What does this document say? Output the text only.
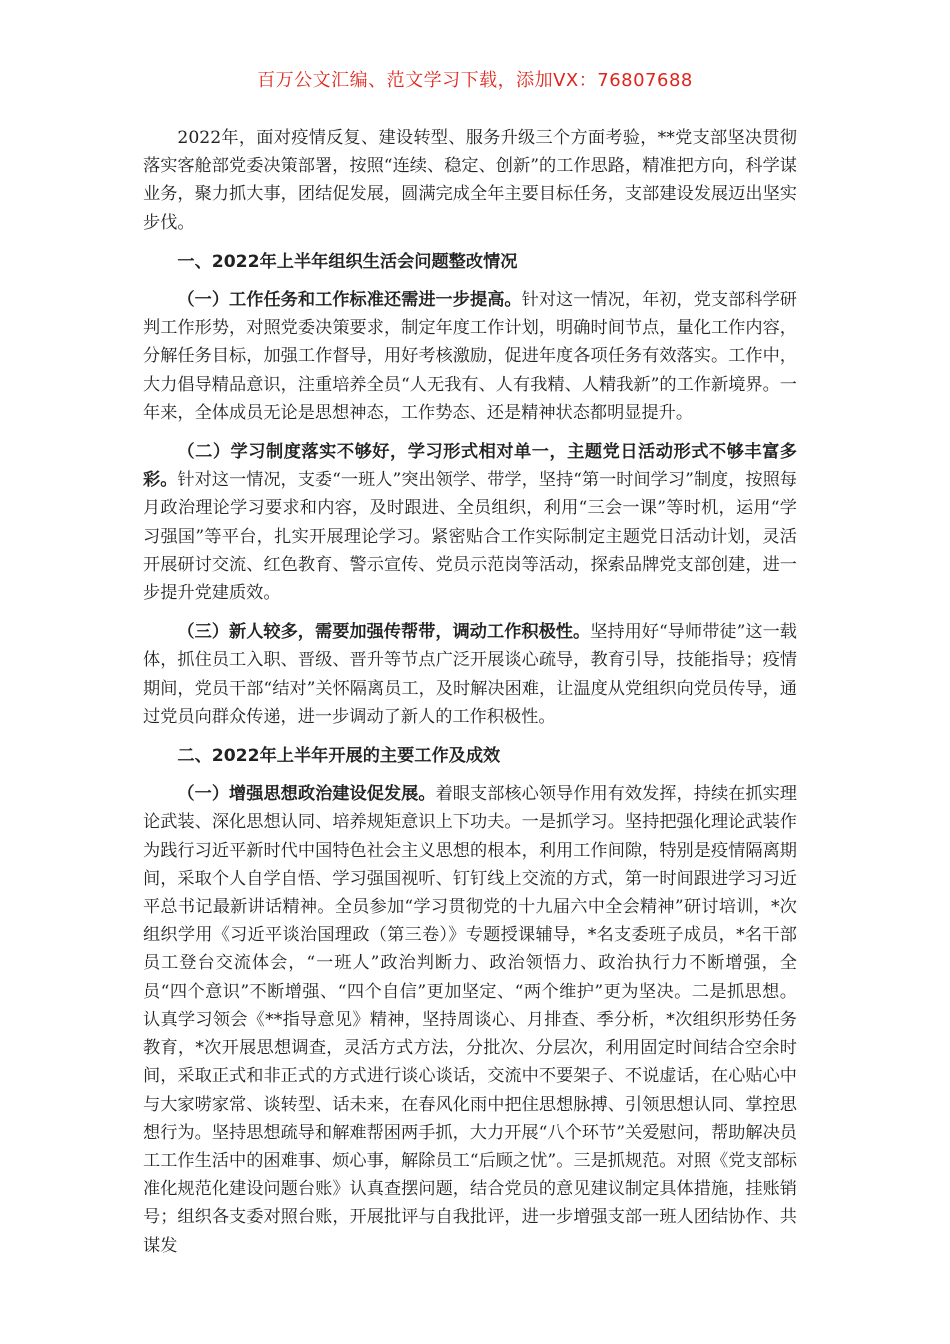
百万公文汇编、范文学习下载，添加VX：76807688

2022年，面对疫情反复、建设转型、服务升级三个方面考验，**党支部坚决贯彻落实客舱部党委决策部署，按照“连续、稳定、创新”的工作思路，精准把方向，科学谋业务，聚力抓大事，团结促发展，圆满完成全年主要目标任务，支部建设发展迈出坚实步伐。

一、2022年上半年组织生活会问题整改情况

（一）工作任务和工作标准还需进一步提高。针对这一情况，年初，党支部科学研判工作形势，对照党委决策要求，制定年度工作计划，明确时间节点，量化工作内容，分解任务目标，加强工作督导，用好考核激励，促进年度各项任务有效落实。工作中，大力倡导精品意识，注重培养全员“人无我有、人有我精、人精我新”的工作新境界。一年来，全体成员无论是思想神态，工作势态、还是精神状态都明显提升。

（二）学习制度落实不够好，学习形式相对单一，主题党日活动形式不够丰富多彩。针对这一情况，支委“一班人”突出领学、带学，坚持“第一时间学习”制度，按照每月政治理论学习要求和内容，及时跟进、全员组织，利用“三会一课”等时机，运用“学习强国”等平台，扎实开展理论学习。紧密贴合工作实际制定主题党日活动计划，灵活开展研讨交流、红色教育、警示宣传、党员示范岗等活动，探索品牌党支部创建，进一步提升党建质效。

（三）新人较多，需要加强传帮带，调动工作积极性。坚持用好“导师带徒”这一载体，抓住员工入职、晋级、晋升等节点广泛开展谈心疏导，教育引导，技能指导；疫情期间，党员干部“结对”关怀隔离员工，及时解决困难，让温度从党组织向党员传导，通过党员向群众传递，进一步调动了新人的工作积极性。

二、2022年上半年开展的主要工作及成效

（一）增强思想政治建设促发展。着眼支部核心领导作用有效发挥，持续在抓实理论武装、深化思想认同、培养规矩意识上下功夫。一是抓学习。坚持把强化理论武装作为践行习近平新时代中国特色社会主义思想的根本，利用工作间隙，特别是疫情隔离期间，采取个人自学自悟、学习强国视听、钉钉线上交流的方式，第一时间跟进学习习近平总书记最新讲话精神。全员参加“学习贯彻党的十九届六中全会精神”研讨培训，*次组织学用《习近平谈治国理政（第三卷）》专题授课辅导，*名支委班子成员，*名干部员工登台交流体会，“一班人”政治判断力、政治领悟力、政治执行力不断增强，全员“四个意识”不断增强、“四个自信”更加坚定、“两个维护”更为坚决。二是抓思想。认真学习领会《**指导意见》精神，坚持周谈心、月排查、季分析，*次组织形势任务教育，*次开展思想调查，灵活方式方法，分批次、分层次，利用固定时间结合空余时间，采取正式和非正式的方式进行谈心谈话，交流中不要架子、不说虚话，在心贴心中与大家唠家常、谈转型、话未来，在春风化雨中把住思想脉搏、引领思想认同、掌控思想行为。坚持思想疏导和解难帮困两手抓，大力开展“八个环节”关爱慰问，帮助解决员工工作生活中的困难事、烦心事，解除员工“后顾之忧”。三是抓规范。对照《党支部标准化规范化建设问题台账》认真查摆问题，结合党员的意见建议制定具体措施，挂账销号；组织各支委对照台账，开展批评与自我批评，进一步增强支部一班人团结协作、共谋发
